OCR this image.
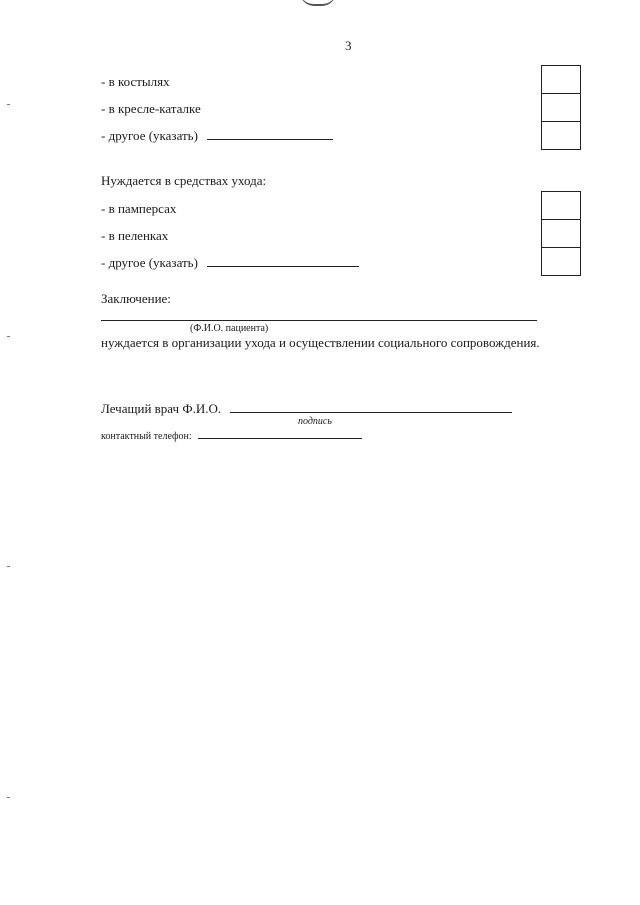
3
- в костылях
- в кресле-каталке
- другое (указать)
Нуждается в средствах ухода:
- в памперсах
- в пеленках
- другое (указать)
Заключение:
(Ф.И.О. пациента)
нуждается в организации ухода и осуществлении социального сопровождения.
Лечащий врач Ф.И.О.
подпись
контактный телефон:
